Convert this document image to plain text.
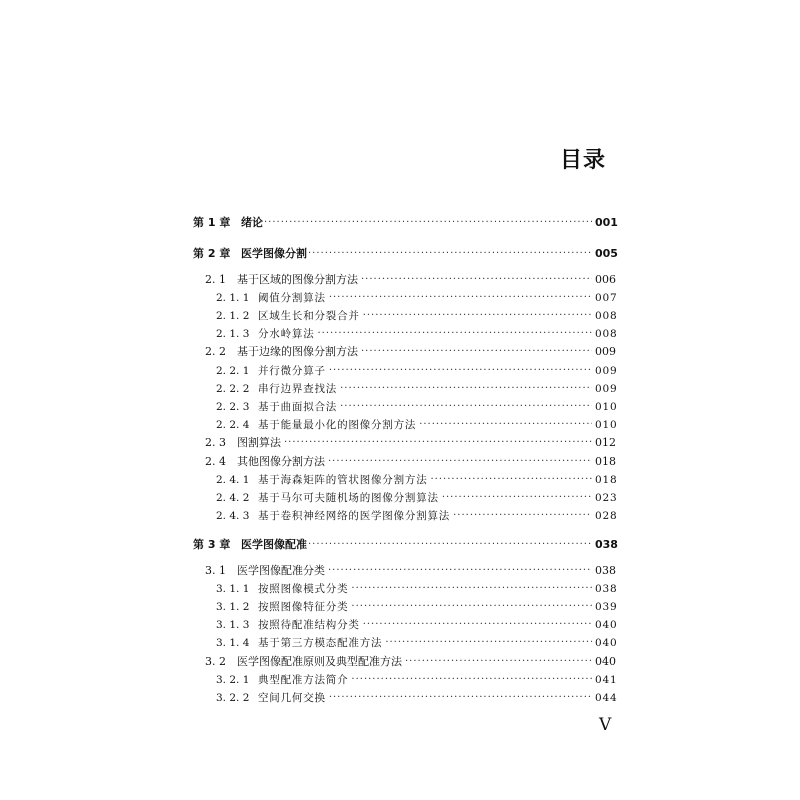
目录
第 1 章 绪论 ·····	001
第 2 章 医学图像分割 ·····	005
2. 1	基于区域的图像分割方法 ·····	006
2. 1. 1 阈值分割算法 ·····	007
2. 1. 2 区域生长和分裂合并 ·····	008
2. 1. 3 分水岭算法 ·····	008
2. 2	基于边缘的图像分割方法 ·····	009
2. 2. 1 并行微分算子 ·····	009
2. 2. 2 串行边界查找法 ·····	009
2. 2. 3 基于曲面拟合法 ·····	010
2. 2. 4 基于能量最小化的图像分割方法 ·····	010
2. 3	图割算法 ·····	012
2. 4	其他图像分割方法 ·····	018
2. 4. 1 基于海森矩阵的管状图像分割方法 ·····	018
2. 4. 2 基于马尔可夫随机场的图像分割算法 ·····	023
2. 4. 3 基于卷积神经网络的医学图像分割算法 ·····	028
第 3 章 医学图像配准 ·····	038
3. 1	医学图像配准分类 ·····	038
3. 1. 1 按照图像模式分类 ·····	038
3. 1. 2 按照图像特征分类 ·····	039
3. 1. 3 按照待配准结构分类 ·····	040
3. 1. 4 基于第三方模态配准方法 ·····	040
3. 2	医学图像配准原则及典型配准方法 ·····	040
3. 2. 1 典型配准方法简介 ·····	041
3. 2. 2 空间几何交换 ·····	044
V
